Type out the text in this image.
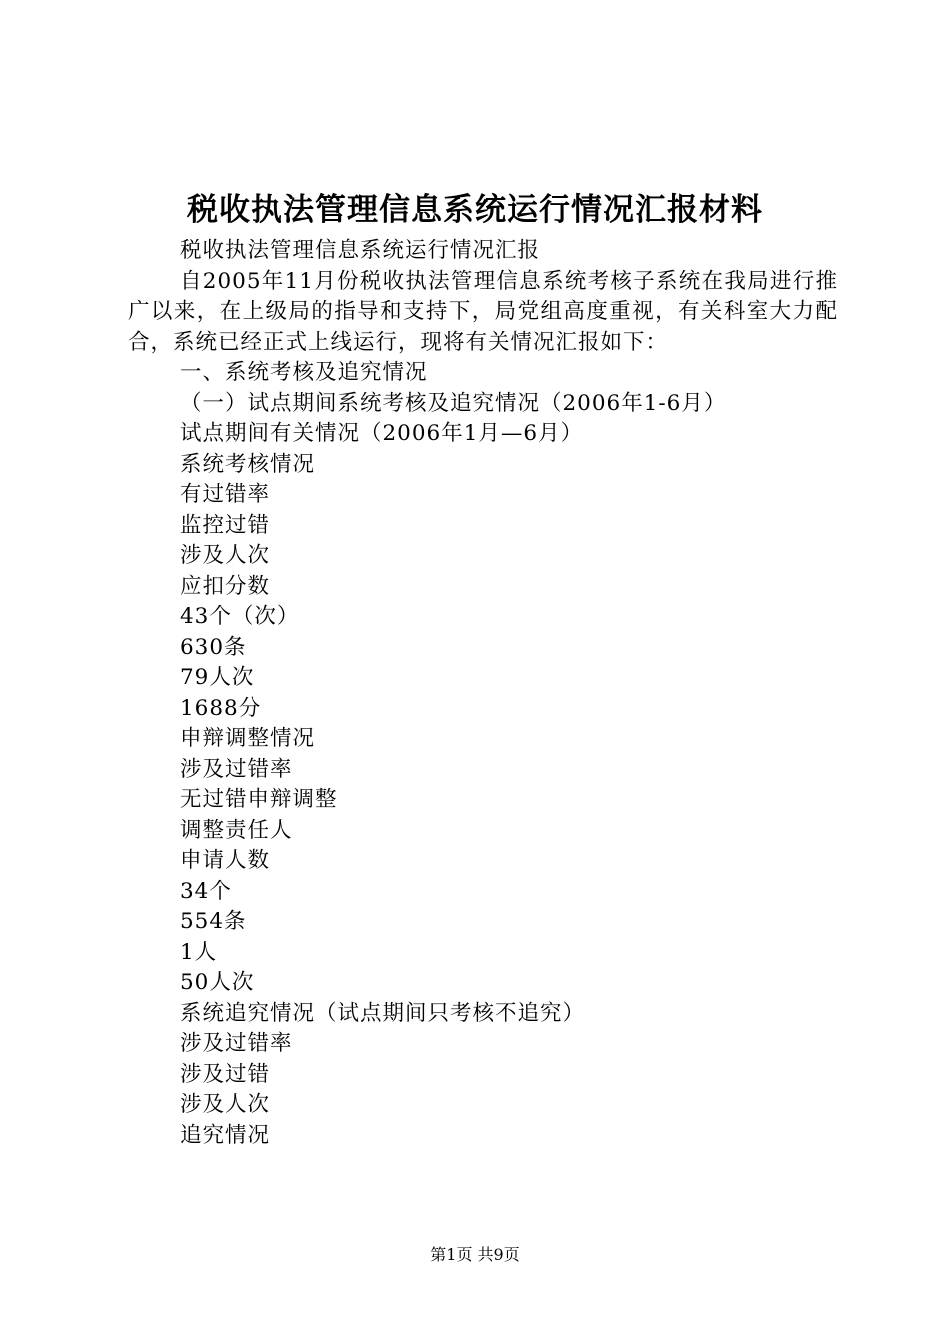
税收执法管理信息系统运行情况汇报材料

税收执法管理信息系统运行情况汇报

自2005年11月份税收执法管理信息系统考核子系统在我局进行推广以来，在上级局的指导和支持下，局党组高度重视，有关科室大力配合，系统已经正式上线运行，现将有关情况汇报如下：

一、系统考核及追究情况

（一）试点期间系统考核及追究情况（2006年1-6月）

试点期间有关情况（2006年1月—6月）

系统考核情况

有过错率

监控过错

涉及人次

应扣分数

43个（次）

630条

79人次

1688分

申辩调整情况

涉及过错率

无过错申辩调整

调整责任人

申请人数

34个

554条

1人

50人次

系统追究情况（试点期间只考核不追究）

涉及过错率

涉及过错

涉及人次

追究情况

第1页 共9页
